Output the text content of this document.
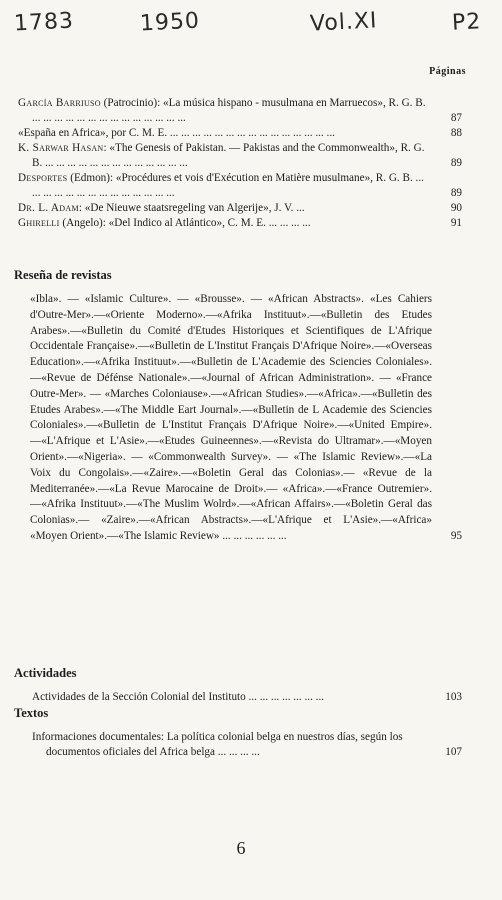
1783	1950	Vol.XI	P2
Páginas
García Barriuso (Patrocinio): «La música hispano - musulmana en Marruecos», R. G. B. ... ... ... ... ... ... ... ... ... ... ... ... ... ...	87
«España en Africa», por C. M. E. ... ... ... ... ... ... ... ... ... ... ... ... ... ... ...	88
K. Sarwar Hasan: «The Genesis of Pakistan. — Pakistas and the Commonwealth», R. G. B. ... ... ... ... ... ... ... ... ... ... ... ... ...	89
Desportes (Edmon): «Procédures et vois d'Exécution en Matière musulmane», R. G. B. ... ... ... ... ... ... ... ... ... ... ... ... ... ...	89
Dr. L. Adam: «De Nieuwe staatsregeling van Algerije», J. V. ...	90
Ghirelli (Angelo): «Del Indico al Atlántico», C. M. E. ... ... ... ...	91
Reseña de revistas
«Ibla». — «Islamic Culture». — «Brousse». — «African Abstracts». «Les Cahiers d'Outre-Mer».—«Oriente Moderno».—«Afrika Instituut».—«Bulletin des Etudes Arabes».—«Bulletin du Comité d'Etudes Historiques et Scientifiques de L'Afrique Occidentale Française».—«Bulletin de L'Institut Français D'Afrique Noire».—«Overseas Education».—«Afrika Instituut».—«Bulletin de L'Academie des Sciencies Coloniales».—«Revue de Défénse Nationale».—«Journal of African Administration». — «France Outre-Mer». — «Marches Coloniause».—«African Studies».—«Africa».—«Bulletin des Etudes Arabes».—«The Middle Eart Journal».—«Bulletin de L Academie des Sciencies Coloniales».—«Bulletin de L'Institut Français D'Afrique Noire».—«United Empire».—«L'Afrique et L'Asie».—«Etudes Guineennes».—«Revista do Ultramar».—«Moyen Orient».—«Nigeria». — «Commonwealth Survey». — «The Islamic Review».—«La Voix du Congolais».—«Zaire».—«Boletin Geral das Colonias».— «Revue de la Mediterranée».—«La Revue Marocaine de Droit».— «Africa».—«France Outremier».—«Afrika Instituut».—«The Muslim Wolrd».—«African Affairs».—«Boletin Geral das Colonias».— «Zaire».—«African Abstracts».—«L'Afrique et L'Asie».—«Africa» «Moyen Orient».—«The Islamic Review» ... ... ... ... ... ...	95
Actividades
Actividades de la Sección Colonial del Instituto ... ... ... ... ... ... ...	103
Textos
Informaciones documentales: La política colonial belga en nuestros días, según los documentos oficiales del Africa belga ... ... ... ...	107
6
